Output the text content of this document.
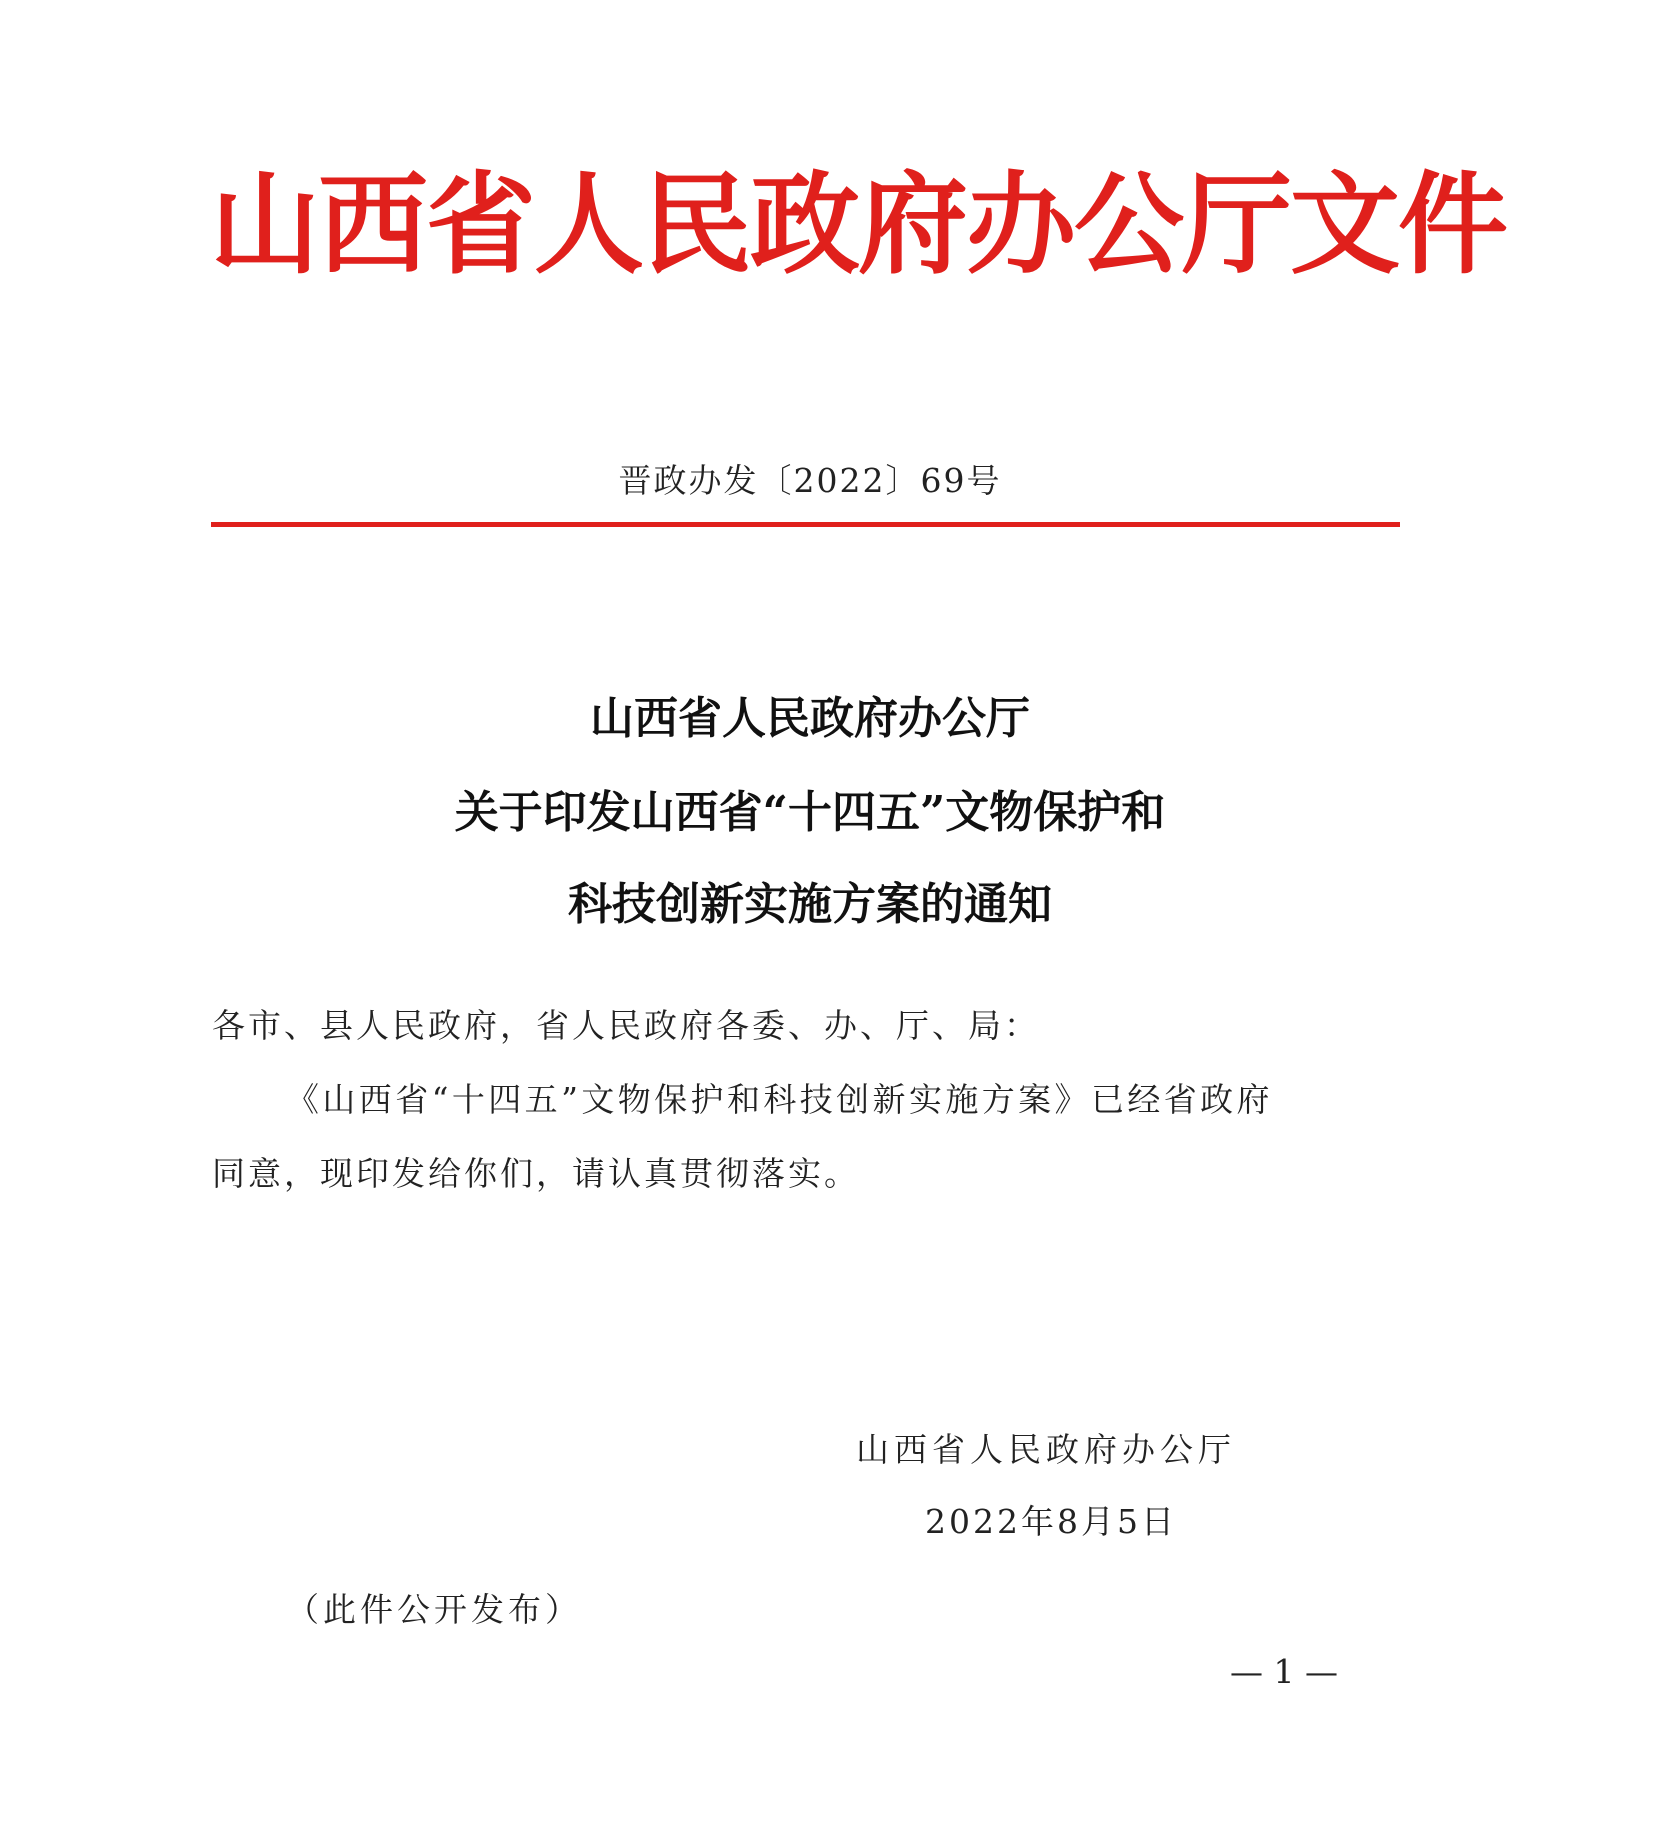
山西省人民政府办公厅文件
晋政办发〔2022〕69号
山西省人民政府办公厅
关于印发山西省“十四五”文物保护和
科技创新实施方案的通知
各市、县人民政府，省人民政府各委、办、厅、局：
《山西省“十四五”文物保护和科技创新实施方案》已经省政府
同意，现印发给你们，请认真贯彻落实。
山西省人民政府办公厅
2022年8月5日
（此件公开发布）
— 1 —
